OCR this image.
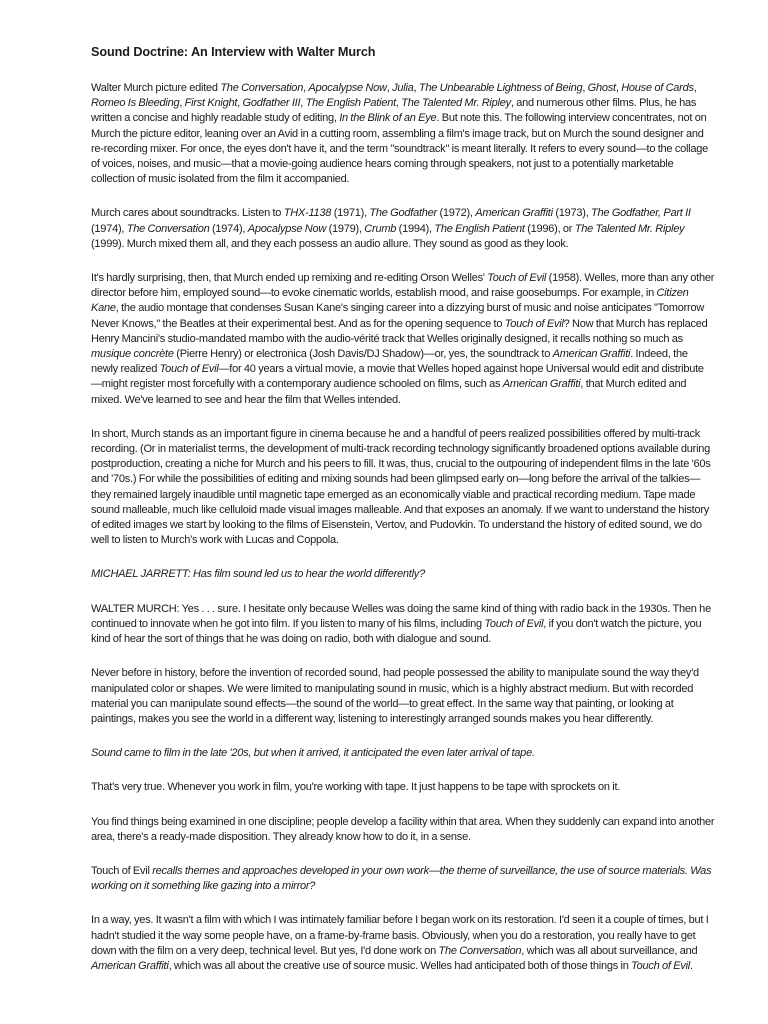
Sound Doctrine: An Interview with Walter Murch

Walter Murch picture edited The Conversation, Apocalypse Now, Julia, The Unbearable Lightness of Being, Ghost, House of Cards, Romeo Is Bleeding, First Knight, Godfather III, The English Patient, The Talented Mr. Ripley, and numerous other films. Plus, he has written a concise and highly readable study of editing, In the Blink of an Eye. But note this. The following interview concentrates, not on Murch the picture editor, leaning over an Avid in a cutting room, assembling a film's image track, but on Murch the sound designer and re-recording mixer. For once, the eyes don't have it, and the term "soundtrack" is meant literally. It refers to every sound—to the collage of voices, noises, and music—that a movie-going audience hears coming through speakers, not just to a potentially marketable collection of music isolated from the film it accompanied.

Murch cares about soundtracks. Listen to THX-1138 (1971), The Godfather (1972), American Graffiti (1973), The Godfather, Part II (1974), The Conversation (1974), Apocalypse Now (1979), Crumb (1994), The English Patient (1996), or The Talented Mr. Ripley (1999). Murch mixed them all, and they each possess an audio allure. They sound as good as they look.

It's hardly surprising, then, that Murch ended up remixing and re-editing Orson Welles' Touch of Evil (1958). Welles, more than any other director before him, employed sound—to evoke cinematic worlds, establish mood, and raise goosebumps. For example, in Citizen Kane, the audio montage that condenses Susan Kane's singing career into a dizzying burst of music and noise anticipates "Tomorrow Never Knows," the Beatles at their experimental best. And as for the opening sequence to Touch of Evil? Now that Murch has replaced Henry Mancini's studio-mandated mambo with the audio-vérité track that Welles originally designed, it recalls nothing so much as musique concrète (Pierre Henry) or electronica (Josh Davis/DJ Shadow)—or, yes, the soundtrack to American Graffiti. Indeed, the newly realized Touch of Evil—for 40 years a virtual movie, a movie that Welles hoped against hope Universal would edit and distribute—might register most forcefully with a contemporary audience schooled on films, such as American Graffiti, that Murch edited and mixed. We've learned to see and hear the film that Welles intended.

In short, Murch stands as an important figure in cinema because he and a handful of peers realized possibilities offered by multi-track recording. (Or in materialist terms, the development of multi-track recording technology significantly broadened options available during postproduction, creating a niche for Murch and his peers to fill. It was, thus, crucial to the outpouring of independent films in the late '60s and '70s.) For while the possibilities of editing and mixing sounds had been glimpsed early on—long before the arrival of the talkies—they remained largely inaudible until magnetic tape emerged as an economically viable and practical recording medium. Tape made sound malleable, much like celluloid made visual images malleable. And that exposes an anomaly. If we want to understand the history of edited images we start by looking to the films of Eisenstein, Vertov, and Pudovkin. To understand the history of edited sound, we do well to listen to Murch's work with Lucas and Coppola.

MICHAEL JARRETT: Has film sound led us to hear the world differently?

WALTER MURCH: Yes . . . sure. I hesitate only because Welles was doing the same kind of thing with radio back in the 1930s. Then he continued to innovate when he got into film. If you listen to many of his films, including Touch of Evil, if you don't watch the picture, you kind of hear the sort of things that he was doing on radio, both with dialogue and sound.

Never before in history, before the invention of recorded sound, had people possessed the ability to manipulate sound the way they'd manipulated color or shapes. We were limited to manipulating sound in music, which is a highly abstract medium. But with recorded material you can manipulate sound effects—the sound of the world—to great effect. In the same way that painting, or looking at paintings, makes you see the world in a different way, listening to interestingly arranged sounds makes you hear differently.

Sound came to film in the late '20s, but when it arrived, it anticipated the even later arrival of tape.

That's very true. Whenever you work in film, you're working with tape. It just happens to be tape with sprockets on it.

You find things being examined in one discipline; people develop a facility within that area. When they suddenly can expand into another area, there's a ready-made disposition. They already know how to do it, in a sense.

Touch of Evil recalls themes and approaches developed in your own work—the theme of surveillance, the use of source materials. Was working on it something like gazing into a mirror?

In a way, yes. It wasn't a film with which I was intimately familiar before I began work on its restoration. I'd seen it a couple of times, but I hadn't studied it the way some people have, on a frame-by-frame basis. Obviously, when you do a restoration, you really have to get down with the film on a very deep, technical level. But yes, I'd done work on The Conversation, which was all about surveillance, and American Graffiti, which was all about the creative use of source music. Welles had anticipated both of those things in Touch of Evil.
